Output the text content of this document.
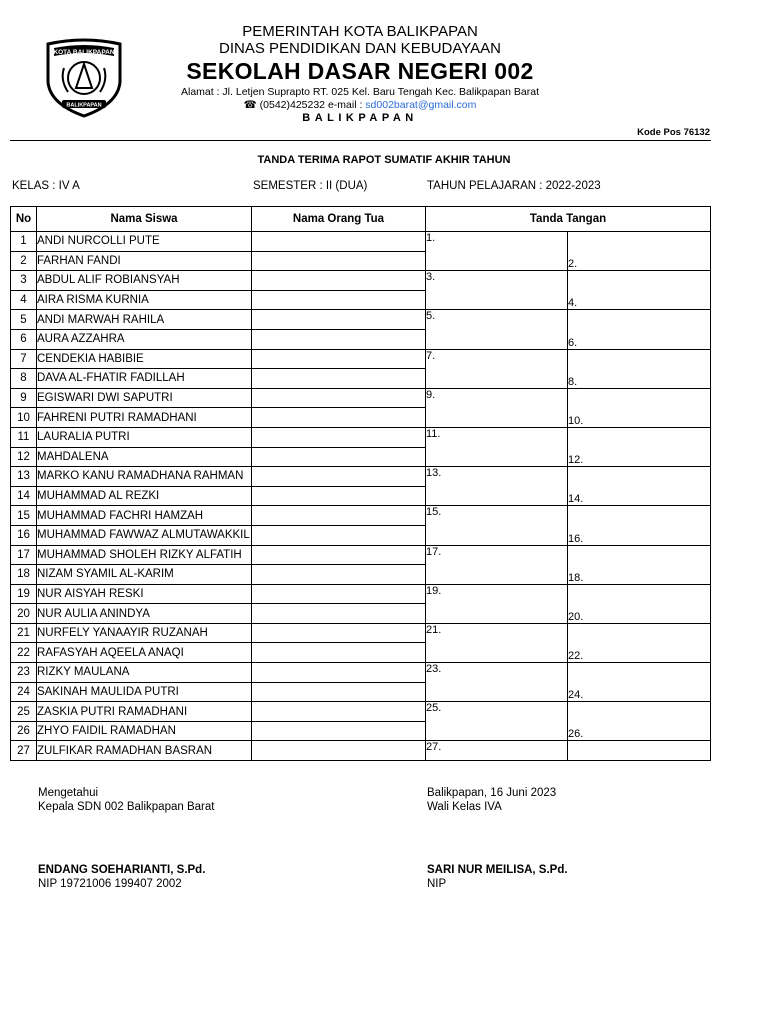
KOTA BALIKPAPAN
BALIKPAPAN
PEMERINTAH KOTA BALIKPAPAN
DINAS PENDIDIKAN DAN KEBUDAYAAN
SEKOLAH DASAR NEGERI 002
Alamat : Jl. Letjen Suprapto RT. 025 Kel. Baru Tengah Kec. Balikpapan Barat
☎ (0542)425232 e-mail : sd002barat@gmail.com
BALIKPAPAN
Kode Pos 76132
TANDA TERIMA RAPOT SUMATIF AKHIR TAHUN
KELAS : IV A	SEMESTER : II (DUA)	TAHUN PELAJARAN : 2022-2023
No	Nama Siswa	Nama Orang Tua	Tanda Tangan	
1	ANDI NURCOLLI PUTE		1.	2.
2	FARHAN FANDI			
3	ABDUL ALIF ROBIANSYAH		3.	4.
4	AIRA RISMA KURNIA			
5	ANDI MARWAH RAHILA		5.	6.
6	AURA AZZAHRA			
7	CENDEKIA HABIBIE		7.	8.
8	DAVA AL-FHATIR FADILLAH			
9	EGISWARI DWI SAPUTRI		9.	10.
10	FAHRENI PUTRI RAMADHANI			
11	LAURALIA PUTRI		11.	12.
12	MAHDALENA			
13	MARKO KANU RAMADHANA RAHMAN		13.	14.
14	MUHAMMAD AL REZKI			
15	MUHAMMAD FACHRI HAMZAH		15.	16.
16	MUHAMMAD FAWWAZ ALMUTAWAKKIL			
17	MUHAMMAD SHOLEH RIZKY ALFATIH		17.	18.
18	NIZAM SYAMIL AL-KARIM			
19	NUR AISYAH RESKI		19.	20.
20	NUR AULIA ANINDYA			
21	NURFELY YANAAYIR RUZANAH		21.	22.
22	RAFASYAH AQEELA ANAQI			
23	RIZKY MAULANA		23.	24.
24	SAKINAH MAULIDA PUTRI			
25	ZASKIA PUTRI RAMADHANI		25.	26.
26	ZHYO FAIDIL RAMADHAN			
27	ZULFIKAR RAMADHAN BASRAN		27.	
Mengetahui
Kepala SDN 002 Balikpapan Barat
Balikpapan, 16 Juni 2023
Wali Kelas IVA
ENDANG SOEHARIANTI, S.Pd.
NIP 19721006 199407 2002
SARI NUR MEILISA, S.Pd.
NIP
